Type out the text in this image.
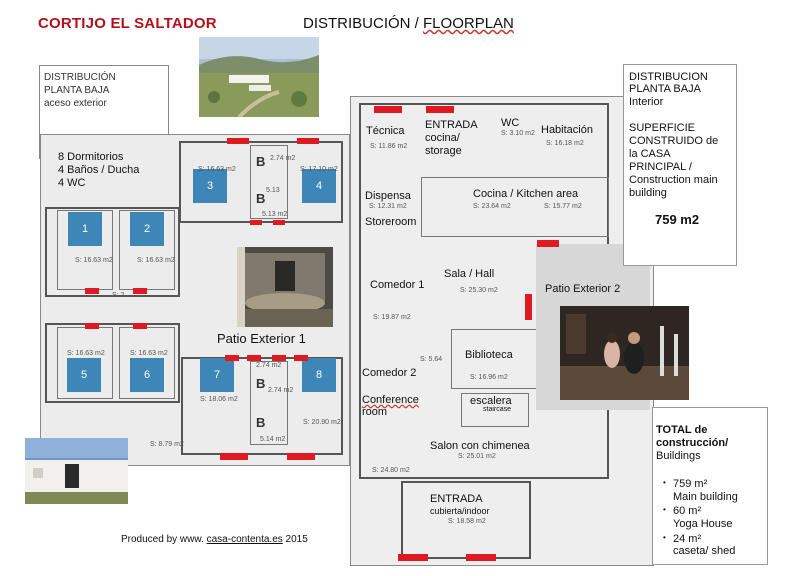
CORTIJO EL SALTADOR	DISTRIBUCIÓN / FLOORPLAN
DISTRIBUCIÓN
PLANTA BAJA
aceso exterior
8 Dormitorios
4 Baños / Ducha
4 WC	3	4
1	2
5	6	7	8
B
B
B
B
S: 16.63 m2	S: 16.63 m2
S: 16.63 m2	S: 17.10 m2
S: 16.63 m2	S: 16.63 m2
S: 18.06 m2
S: 20.90 m2
2.74 m2
5.13
5.13 m2
2.74 m2
2.74 m2
5.14 m2
S: 8.79 m2
S: 2
Patio Exterior 1
Técnica
S: 11.86 m2
ENTRADA
cocina/
storage
WC
S: 3.10 m2 Habitación
S: 16.18 m2
Dispensa
S: 12.31 m2
Storeroom
Cocina / Kitchen area
S: 23.64 m2	S: 15.77 m2
Sala / Hall
S: 25.30 m2
Comedor 1
S: 19.87 m2
S: 5.64 Biblioteca
S: 16.96 m2
Comedor 2
Conference
room
escalera
staircase
Salon con chimenea
S: 25.01 m2
S: 24.80 m2
ENTRADA
cubierta/indoor
S: 18.58 m2
Patio Exterior 2
DISTRIBUCION
PLANTA BAJA
Interior
SUPERFICIE
CONSTRUIDO de
la CASA
PRINCIPAL /
Construction main
building
759 m2
TOTAL de
construcción/
Buildings
• 759 m²
Main building
• 60 m²
Yoga House
• 24 m²
caseta/ shed
Produced by www. casa-contenta.es 2015
